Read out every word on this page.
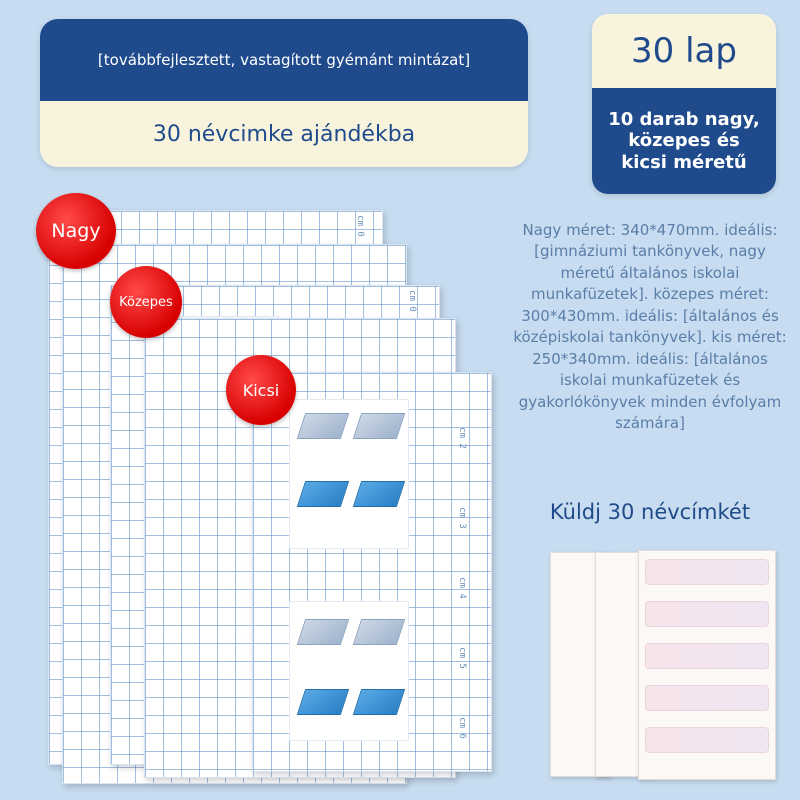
[továbbfejlesztett, vastagított gyémánt mintázat]
30 névcimke ajándékba
30 lap
10 darab nagy, közepes és kicsi méretű
cm 0
cm 0
cm 2
cm 3
cm 4
cm 5
cm 6
Nagy
Közepes
Kicsi
Nagy méret: 340*470mm. ideális: [gimnáziumi tankönyvek, nagy méretű általános iskolai munkafüzetek]. közepes méret: 300*430mm. ideális: [általános és középiskolai tankönyvek]. kis méret: 250*340mm. ideális: [általános iskolai munkafüzetek és gyakorlókönyvek minden évfolyam számára]
Küldj 30 névcímkét
